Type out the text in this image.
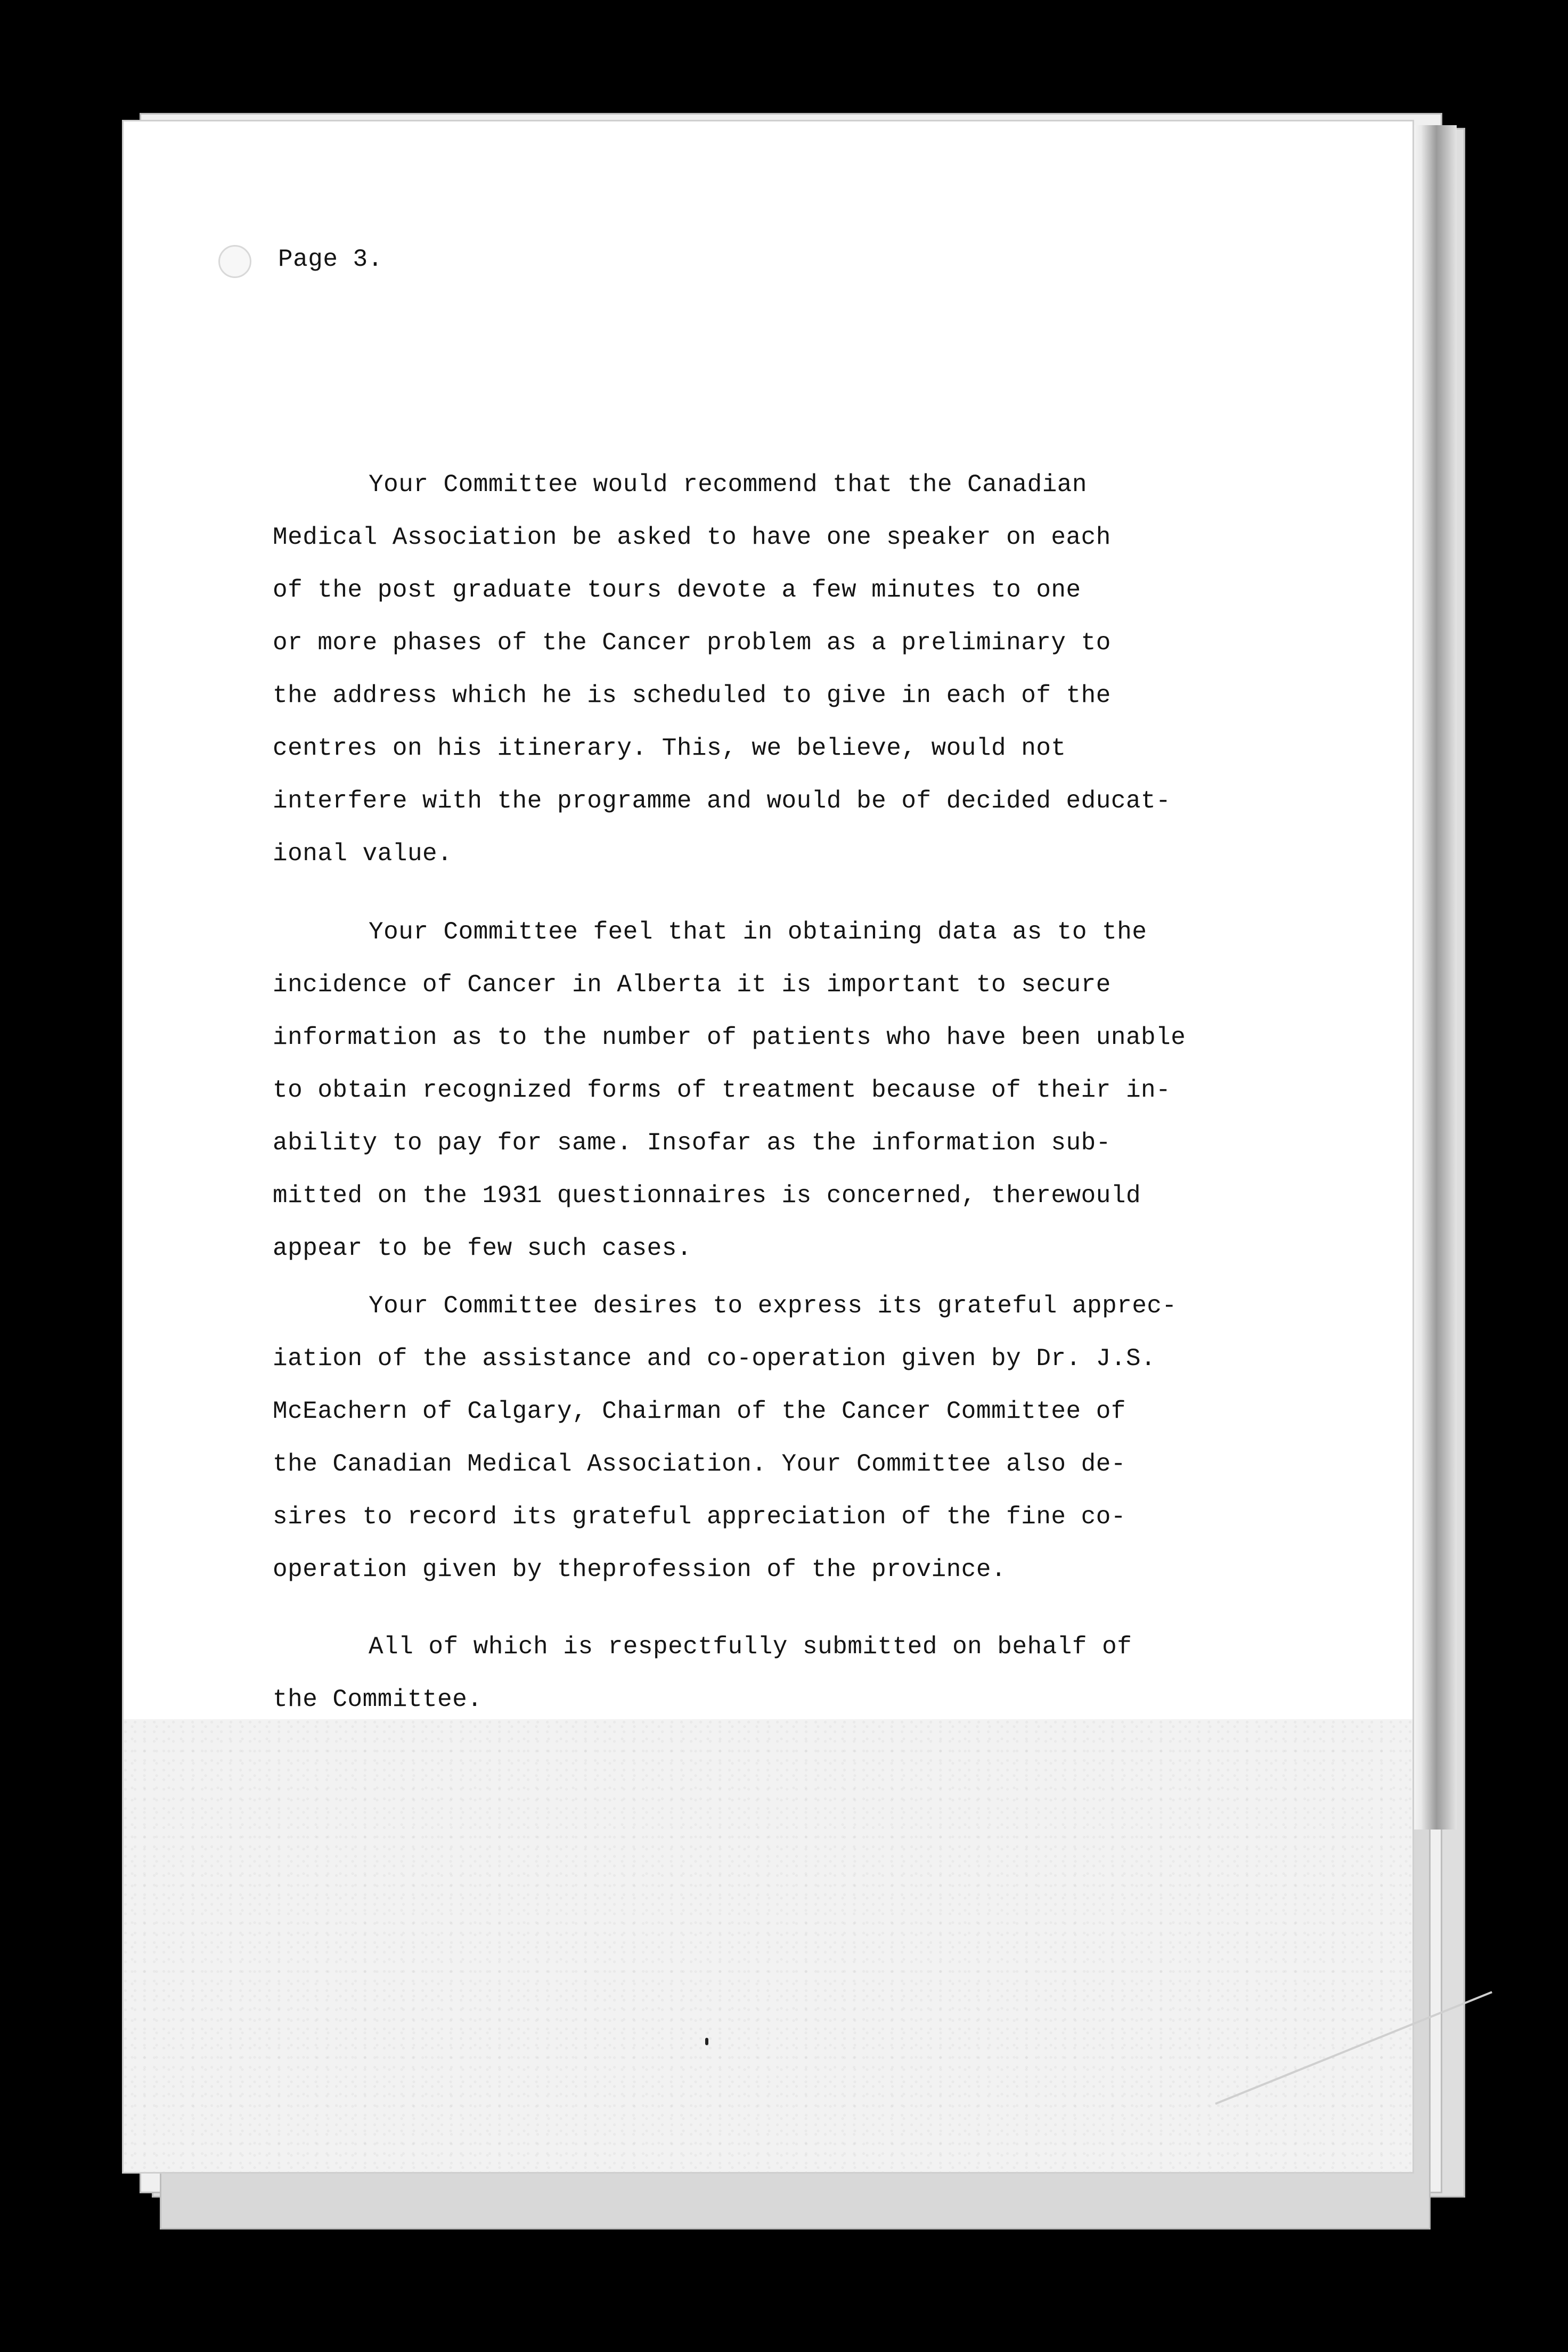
Page 3.
Your Committee would recommend that the Canadian
Medical Association be asked to have one speaker on each
of the post graduate tours devote a few minutes to one
or more phases of the Cancer problem as a preliminary to
the address which he is scheduled to give in each of the
centres on his itinerary. This, we believe, would not
interfere with the programme and would be of decided educat-
ional value.
Your Committee feel that in obtaining data as to the
incidence of Cancer in Alberta it is important to secure
information as to the number of patients who have been unable
to obtain recognized forms of treatment because of their in-
ability to pay for same. Insofar as the information sub-
mitted on the 1931 questionnaires is concerned, therewould
appear to be few such cases.
Your Committee desires to express its grateful apprec-
iation of the assistance and co-operation given by Dr. J.S.
McEachern of Calgary, Chairman of the Cancer Committee of
the Canadian Medical Association. Your Committee also de-
sires to record its grateful appreciation of the fine co-
operation given by theprofession of the province.
All of which is respectfully submitted on behalf of
the Committee.
